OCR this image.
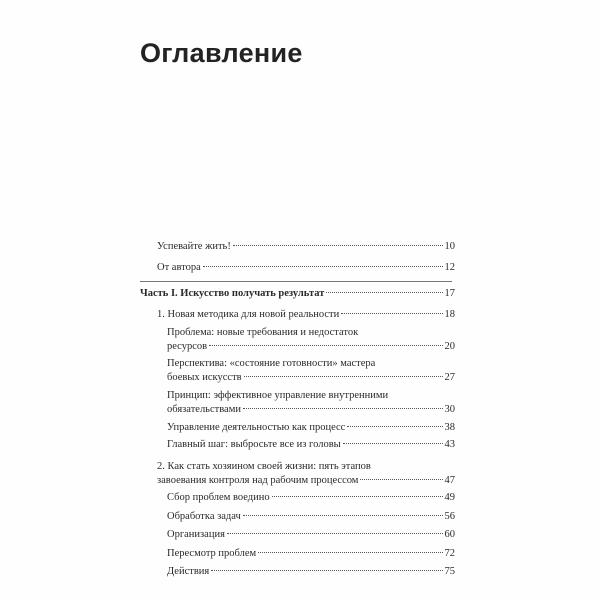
Оглавление
Успевайте жить!	10
От автора	12
Часть I. Искусство получать результат	17
1. Новая методика для новой реальности	18
Проблема: новые требования и недостаток
ресурсов	20
Перспектива: «состояние готовности» мастера
боевых искусств	27
Принцип: эффективное управление внутренними
обязательствами	30
Управление деятельностью как процесс	38
Главный шаг: выбросьте все из головы	43
2. Как стать хозяином своей жизни: пять этапов
завоевания контроля над рабочим процессом	47
Сбор проблем воедино	49
Обработка задач	56
Организация	60
Пересмотр проблем	72
Действия	75
